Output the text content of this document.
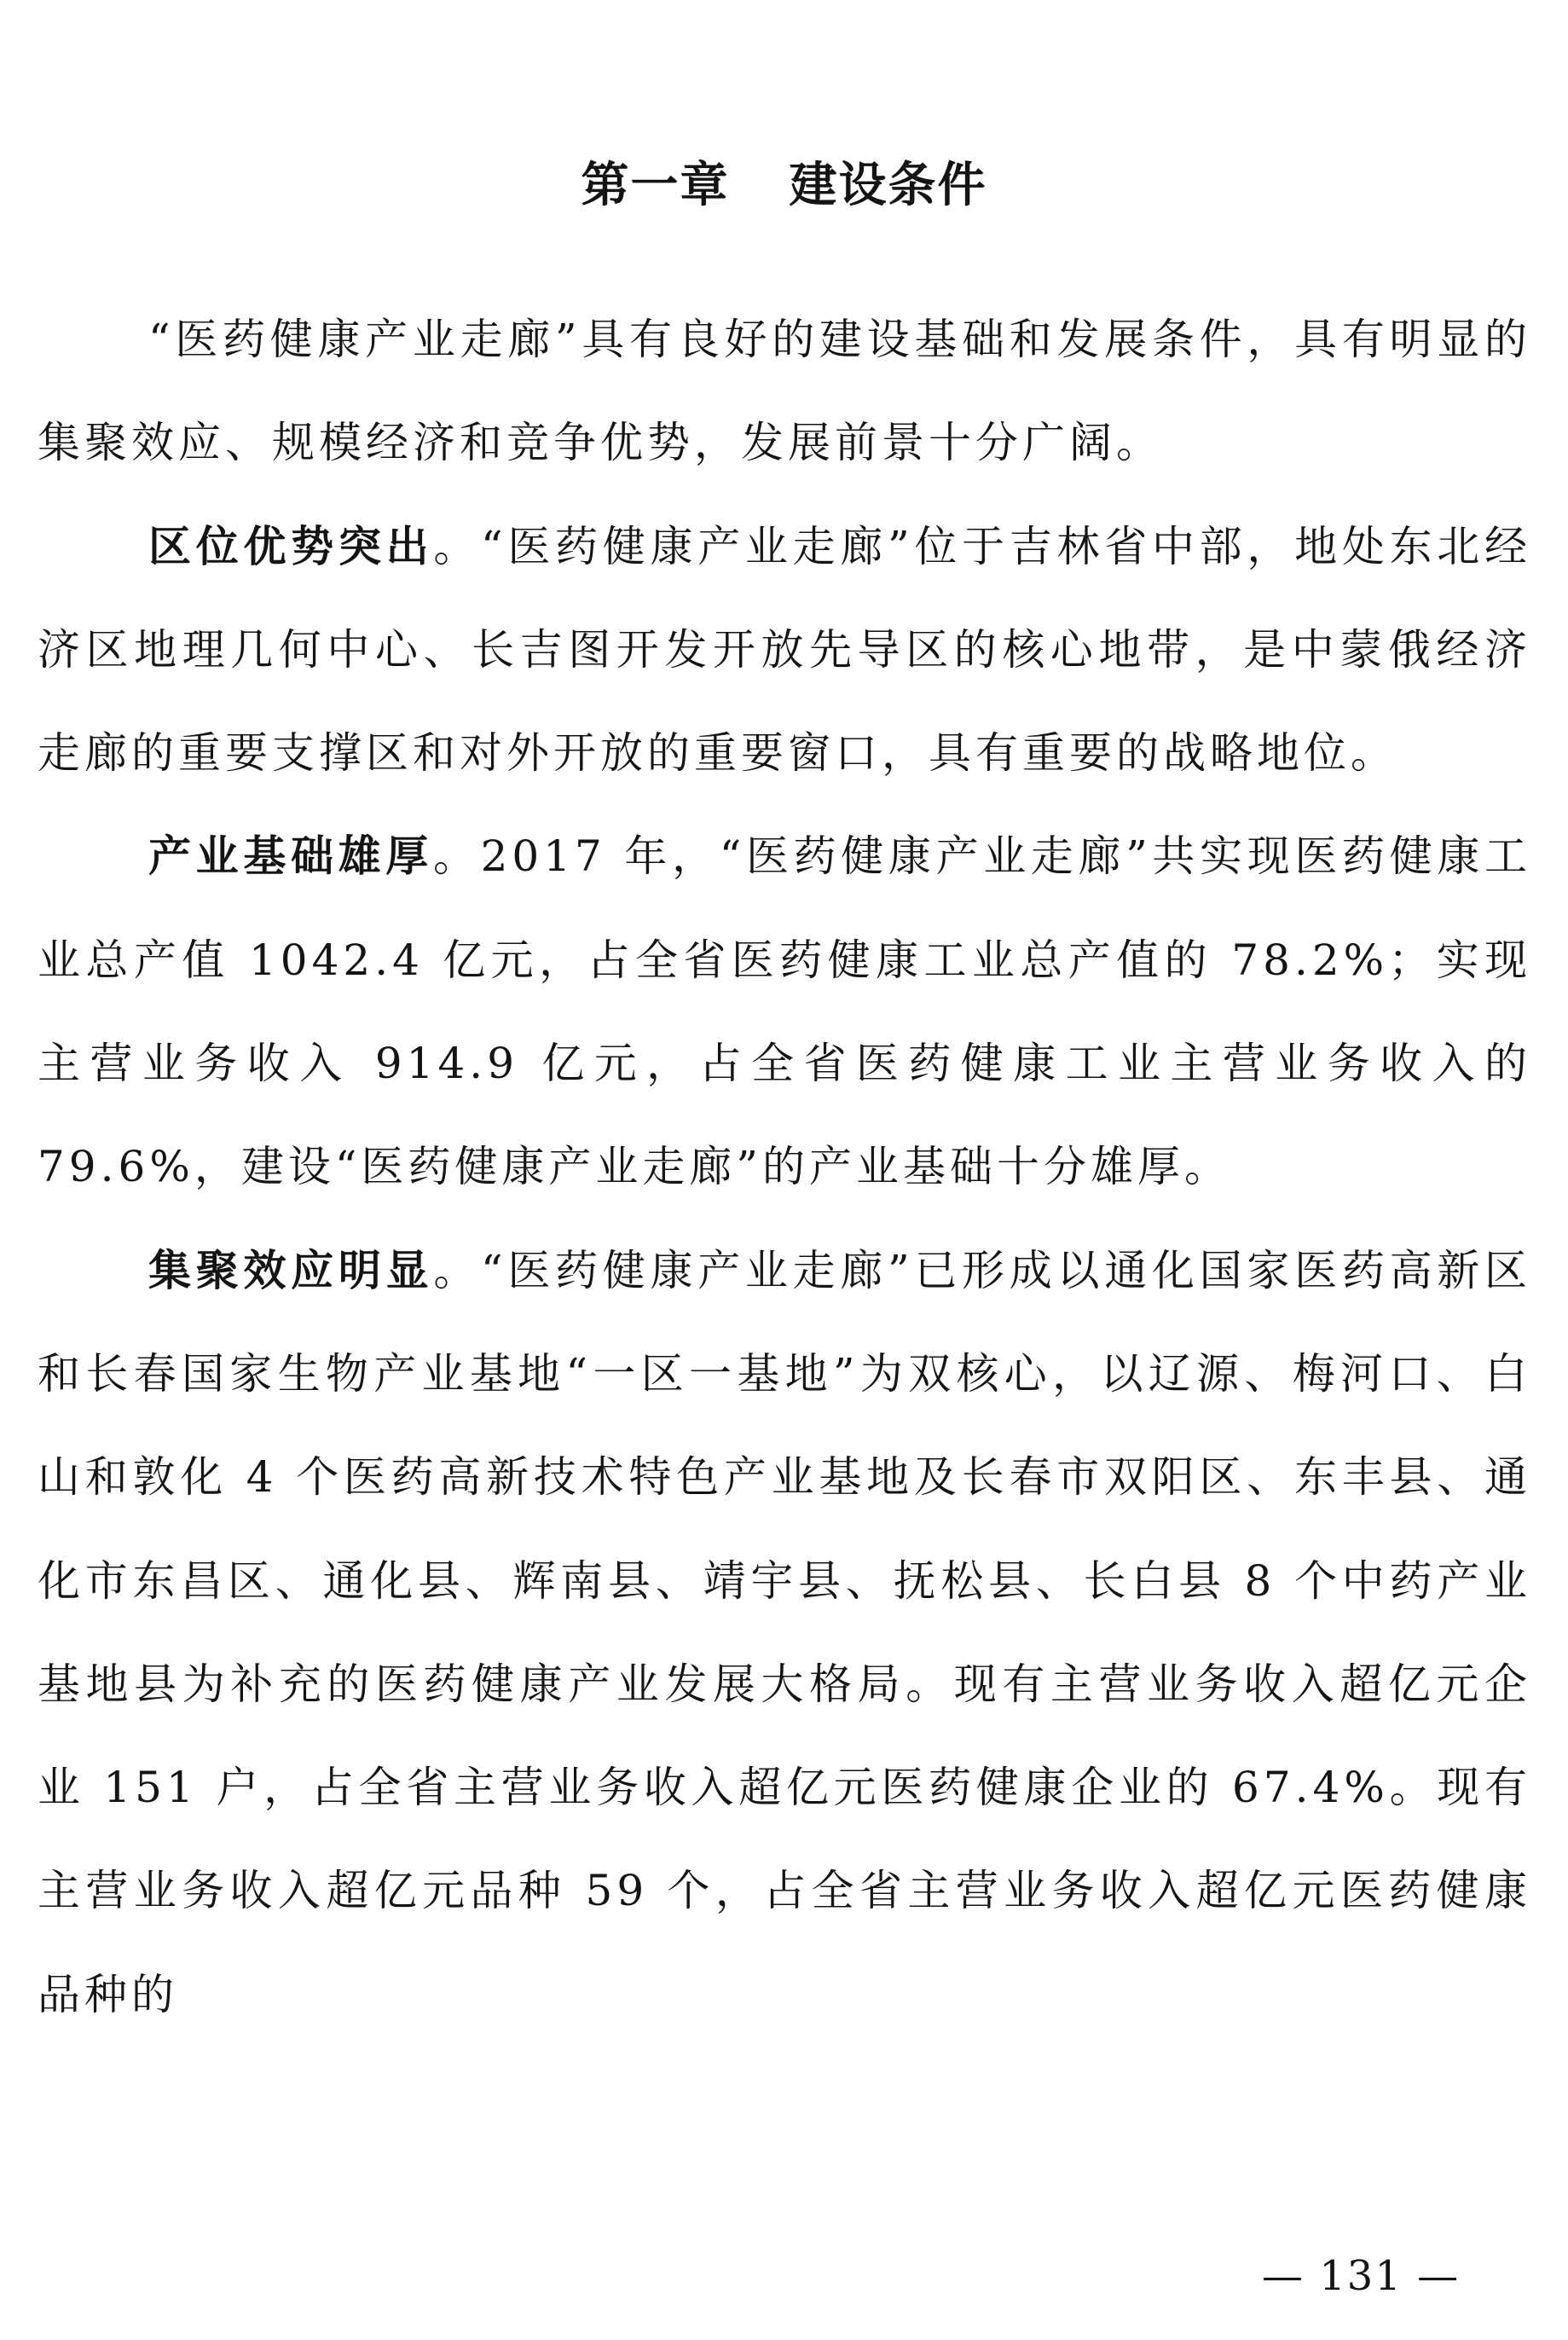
第一章 建设条件

“医药健康产业走廊”具有良好的建设基础和发展条件，具有明显的集聚效应、规模经济和竞争优势，发展前景十分广阔。

区位优势突出。“医药健康产业走廊”位于吉林省中部，地处东北经济区地理几何中心、长吉图开发开放先导区的核心地带，是中蒙俄经济走廊的重要支撑区和对外开放的重要窗口，具有重要的战略地位。

产业基础雄厚。2017 年，“医药健康产业走廊”共实现医药健康工业总产值 1042.4 亿元，占全省医药健康工业总产值的 78.2%；实现主营业务收入 914.9 亿元，占全省医药健康工业主营业务收入的 79.6%，建设“医药健康产业走廊”的产业基础十分雄厚。

集聚效应明显。“医药健康产业走廊”已形成以通化国家医药高新区和长春国家生物产业基地“一区一基地”为双核心，以辽源、梅河口、白山和敦化 4 个医药高新技术特色产业基地及长春市双阳区、东丰县、通化市东昌区、通化县、辉南县、靖宇县、抚松县、长白县 8 个中药产业基地县为补充的医药健康产业发展大格局。现有主营业务收入超亿元企业 151 户，占全省主营业务收入超亿元医药健康企业的 67.4%。现有主营业务收入超亿元品种 59 个，占全省主营业务收入超亿元医药健康品种的

— 131 —
